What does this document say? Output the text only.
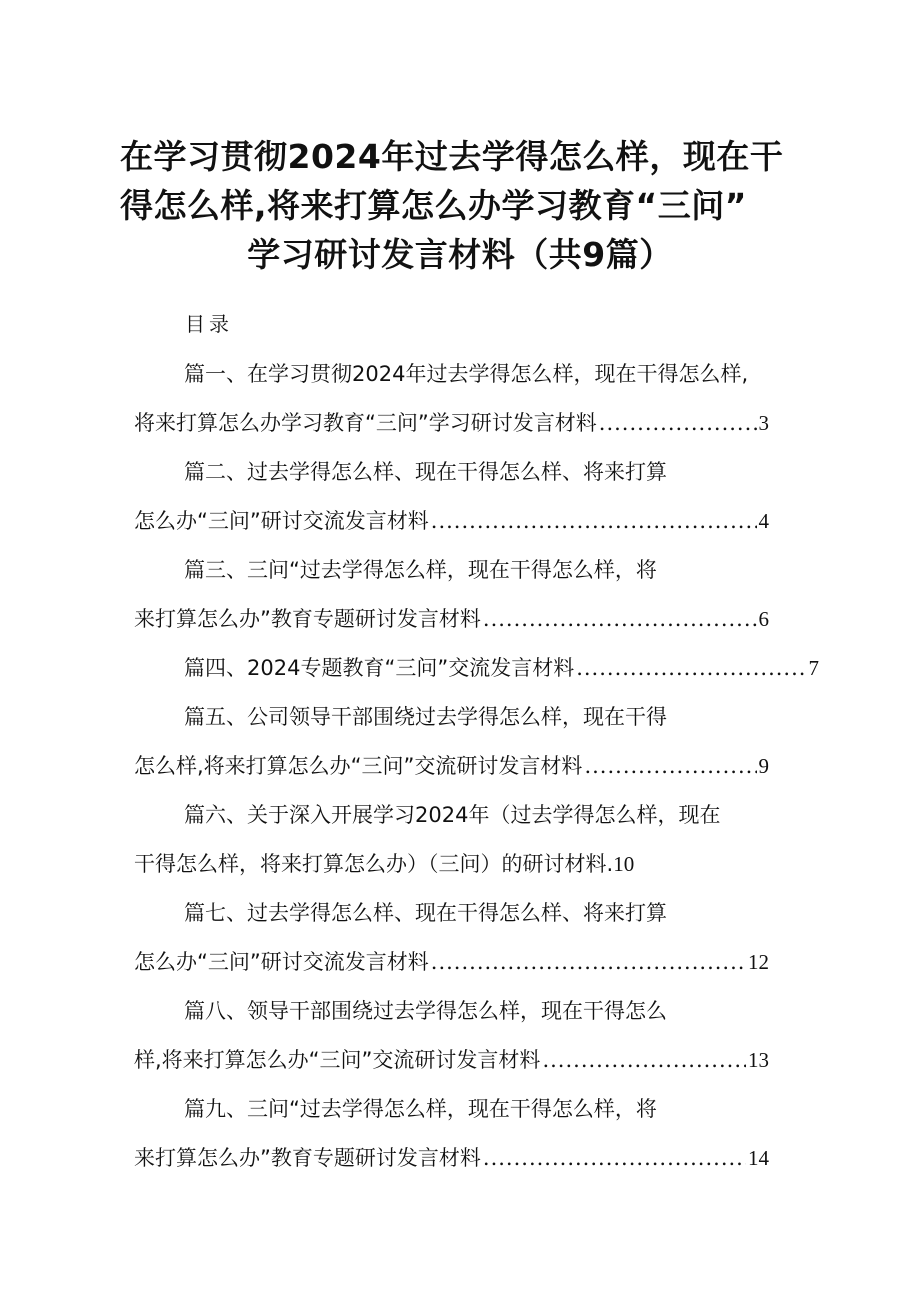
在学习贯彻2024年过去学得怎么样，现在干
得怎么样,将来打算怎么办学习教育“三问”
学习研讨发言材料（共9篇）
目录
篇一、在学习贯彻2024年过去学得怎么样，现在干得怎么样,
将来打算怎么办学习教育“三问”学习研讨发言材料 .....	3
篇二、过去学得怎么样、现在干得怎么样、将来打算
怎么办“三问”研讨交流发言材料 .....	4
篇三、三问“过去学得怎么样，现在干得怎么样，将
来打算怎么办”教育专题研讨发言材料 .....	6
篇四、2024专题教育“三问”交流发言材料 .....	7
篇五、公司领导干部围绕过去学得怎么样，现在干得
怎么样,将来打算怎么办“三问”交流研讨发言材料 .....	9
篇六、关于深入开展学习2024年（过去学得怎么样，现在
干得怎么样，将来打算怎么办）（三问）的研讨材料. 10
篇七、过去学得怎么样、现在干得怎么样、将来打算
怎么办“三问”研讨交流发言材料 .....	12
篇八、领导干部围绕过去学得怎么样，现在干得怎么
样,将来打算怎么办“三问”交流研讨发言材料 .....	13
篇九、三问“过去学得怎么样，现在干得怎么样，将
来打算怎么办”教育专题研讨发言材料 .....	14
